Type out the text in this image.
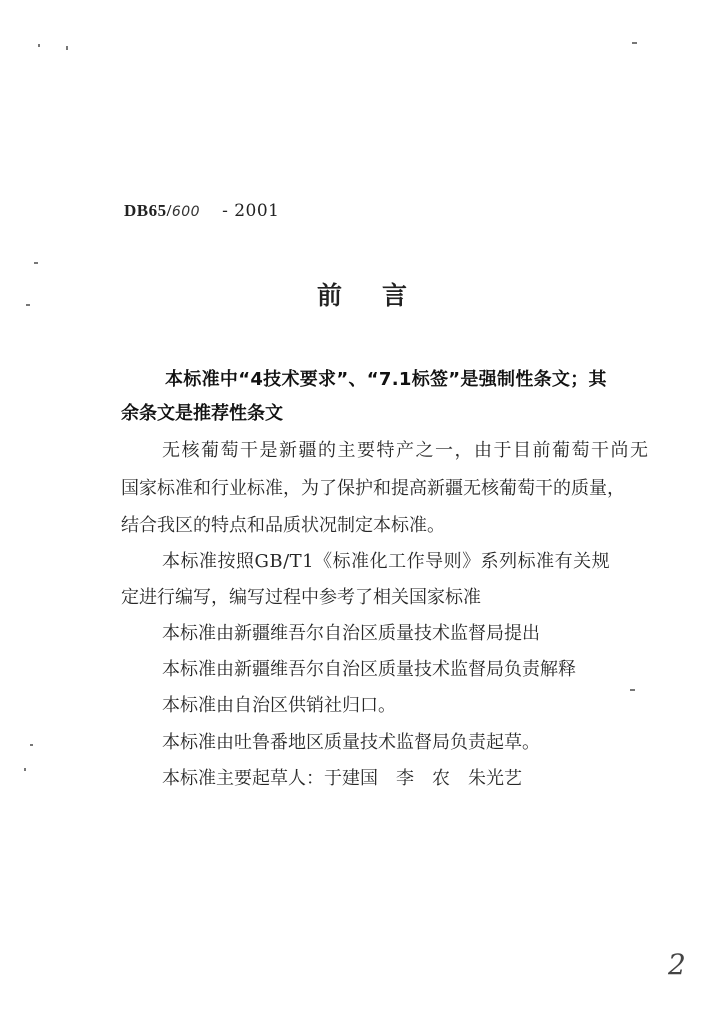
DB65/600 - 2001
前言
本标准中“4技术要求”、“7.1标签”是强制性条文；其
余条文是推荐性条文
无核葡萄干是新疆的主要特产之一，由于目前葡萄干尚无
国家标准和行业标准，为了保护和提高新疆无核葡萄干的质量，
结合我区的特点和品质状况制定本标准。
本标准按照GB/T1《标准化工作导则》系列标准有关规
定进行编写，编写过程中参考了相关国家标准
本标准由新疆维吾尔自治区质量技术监督局提出
本标准由新疆维吾尔自治区质量技术监督局负责解释
本标准由自治区供销社归口。
本标准由吐鲁番地区质量技术监督局负责起草。
本标准主要起草人：于建国　李　农　朱光艺
2
